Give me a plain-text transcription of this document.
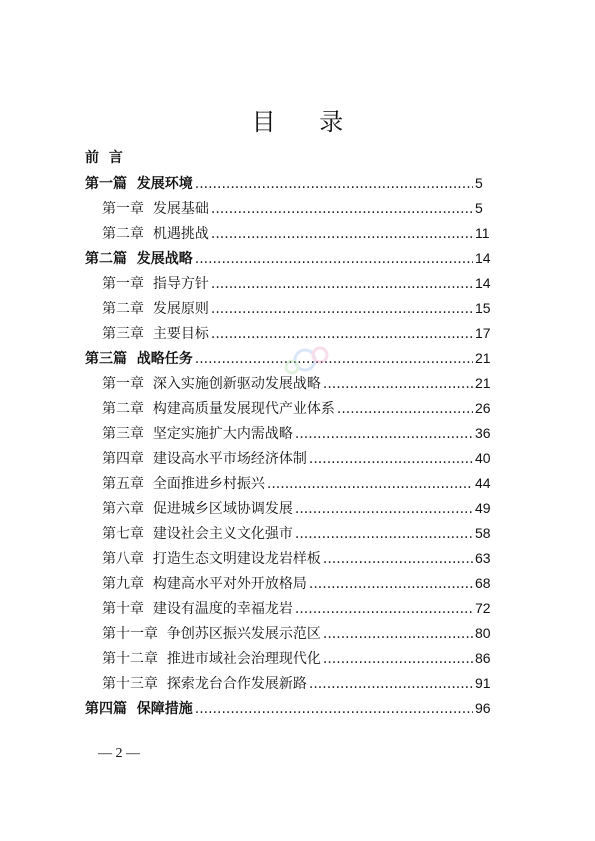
目 录
前  言
第一篇  发展环境 .....	5
第一章  发展基础 .....	5
第二章  机遇挑战 .....	11
第二篇  发展战略 .....	14
第一章  指导方针 .....	14
第二章  发展原则 .....	15
第三章  主要目标 .....	17
第三篇  战略任务 .....	21
第一章  深入实施创新驱动发展战略 .....	21
第二章  构建高质量发展现代产业体系 .....	26
第三章  坚定实施扩大内需战略 .....	36
第四章  建设高水平市场经济体制 .....	40
第五章  全面推进乡村振兴 .....	44
第六章  促进城乡区域协调发展 .....	49
第七章  建设社会主义文化强市 .....	58
第八章  打造生态文明建设龙岩样板 .....	63
第九章  构建高水平对外开放格局 .....	68
第十章  建设有温度的幸福龙岩 .....	72
第十一章  争创苏区振兴发展示范区 .....	80
第十二章  推进市域社会治理现代化 .....	86
第十三章  探索龙台合作发展新路 .....	91
第四篇  保障措施 .....	96
— 2 —
